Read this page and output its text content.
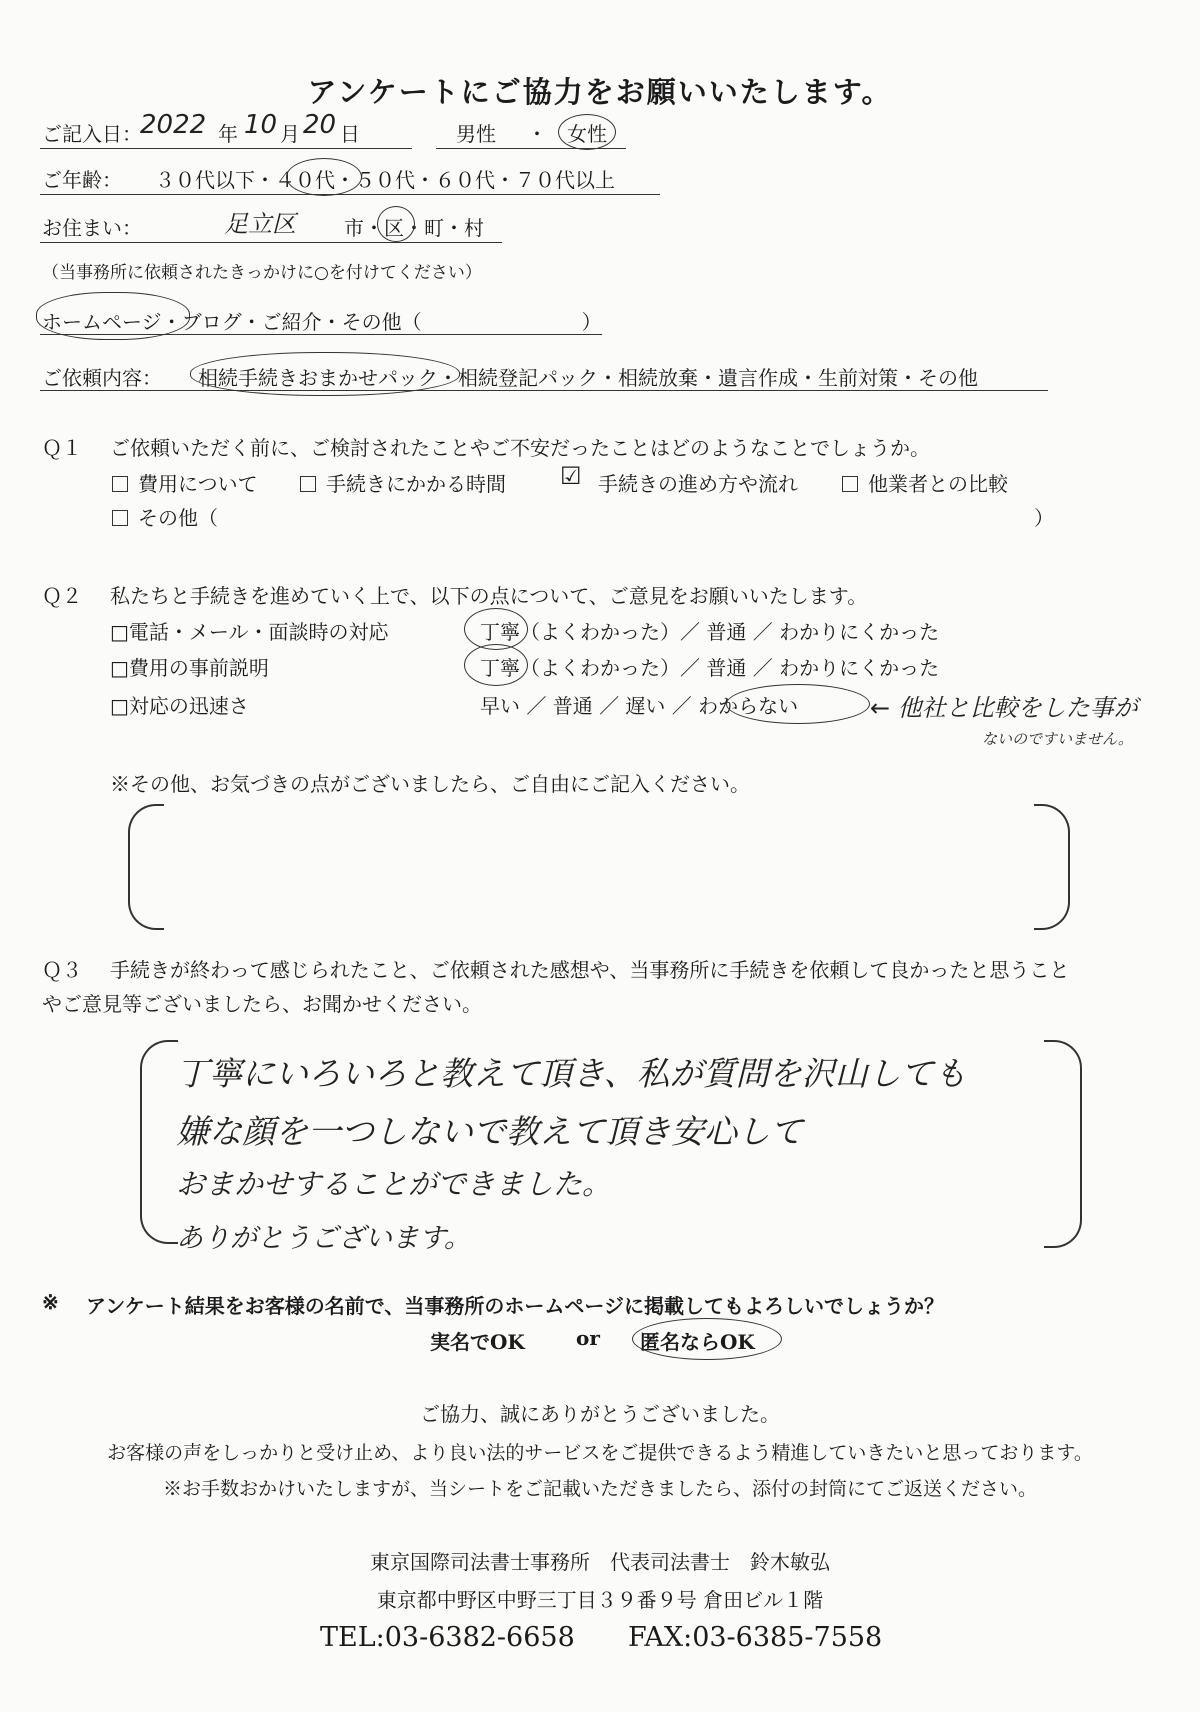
アンケートにご協力をお願いいたします。
ご記入日：
2022 年 10 月 20 日	男性 ・ 女性
ご年齢： ３０代以下・４０代・５０代・６０代・７０代以上
お住まい：	足立区 市・区・町・村
（当事務所に依頼されたきっかけに○を付けてください）
ホームページ・ブログ・ご紹介・その他（　　　　　　　　）
ご依頼内容： 相続手続きおまかせパック・相続登記パック・相続放棄・遺言作成・生前対策・その他
Ｑ１ ご依頼いただく前に、ご検討されたことやご不安だったことはどのようなことでしょうか。
費用について	手続きにかかる時間 ☑ 手続きの進め方や流れ	他業者との比較
その他（	）
Ｑ２ 私たちと手続きを進めていく上で、以下の点について、ご意見をお願いいたします。
□電話・メール・面談時の対応	丁寧（よくわかった）／ 普通 ／ わかりにくかった
□費用の事前説明	丁寧（よくわかった）／ 普通 ／ わかりにくかった
□対応の迅速さ	早い ／ 普通 ／ 遅い ／ わからない	← 他社と比較をした事が
ないのですいません。
※その他、お気づきの点がございましたら、ご自由にご記入ください。
Ｑ３ 手続きが終わって感じられたこと、ご依頼された感想や、当事務所に手続きを依頼して良かったと思うこと
やご意見等ございましたら、お聞かせください。
丁寧にいろいろと教えて頂き、私が質問を沢山しても
嫌な顔を一つしないで教えて頂き安心して
おまかせすることができました。
ありがとうございます。
※ アンケート結果をお客様の名前で、当事務所のホームページに掲載してもよろしいでしょうか？
実名でOK	or 匿名ならOK
ご協力、誠にありがとうございました。
お客様の声をしっかりと受け止め、より良い法的サービスをご提供できるよう精進していきたいと思っております。
※お手数おかけいたしますが、当シートをご記載いただきましたら、添付の封筒にてご返送ください。
東京国際司法書士事務所　代表司法書士　鈴木敏弘
東京都中野区中野三丁目３９番９号 倉田ビル１階
TEL:03-6382-6658 FAX:03-6385-7558
